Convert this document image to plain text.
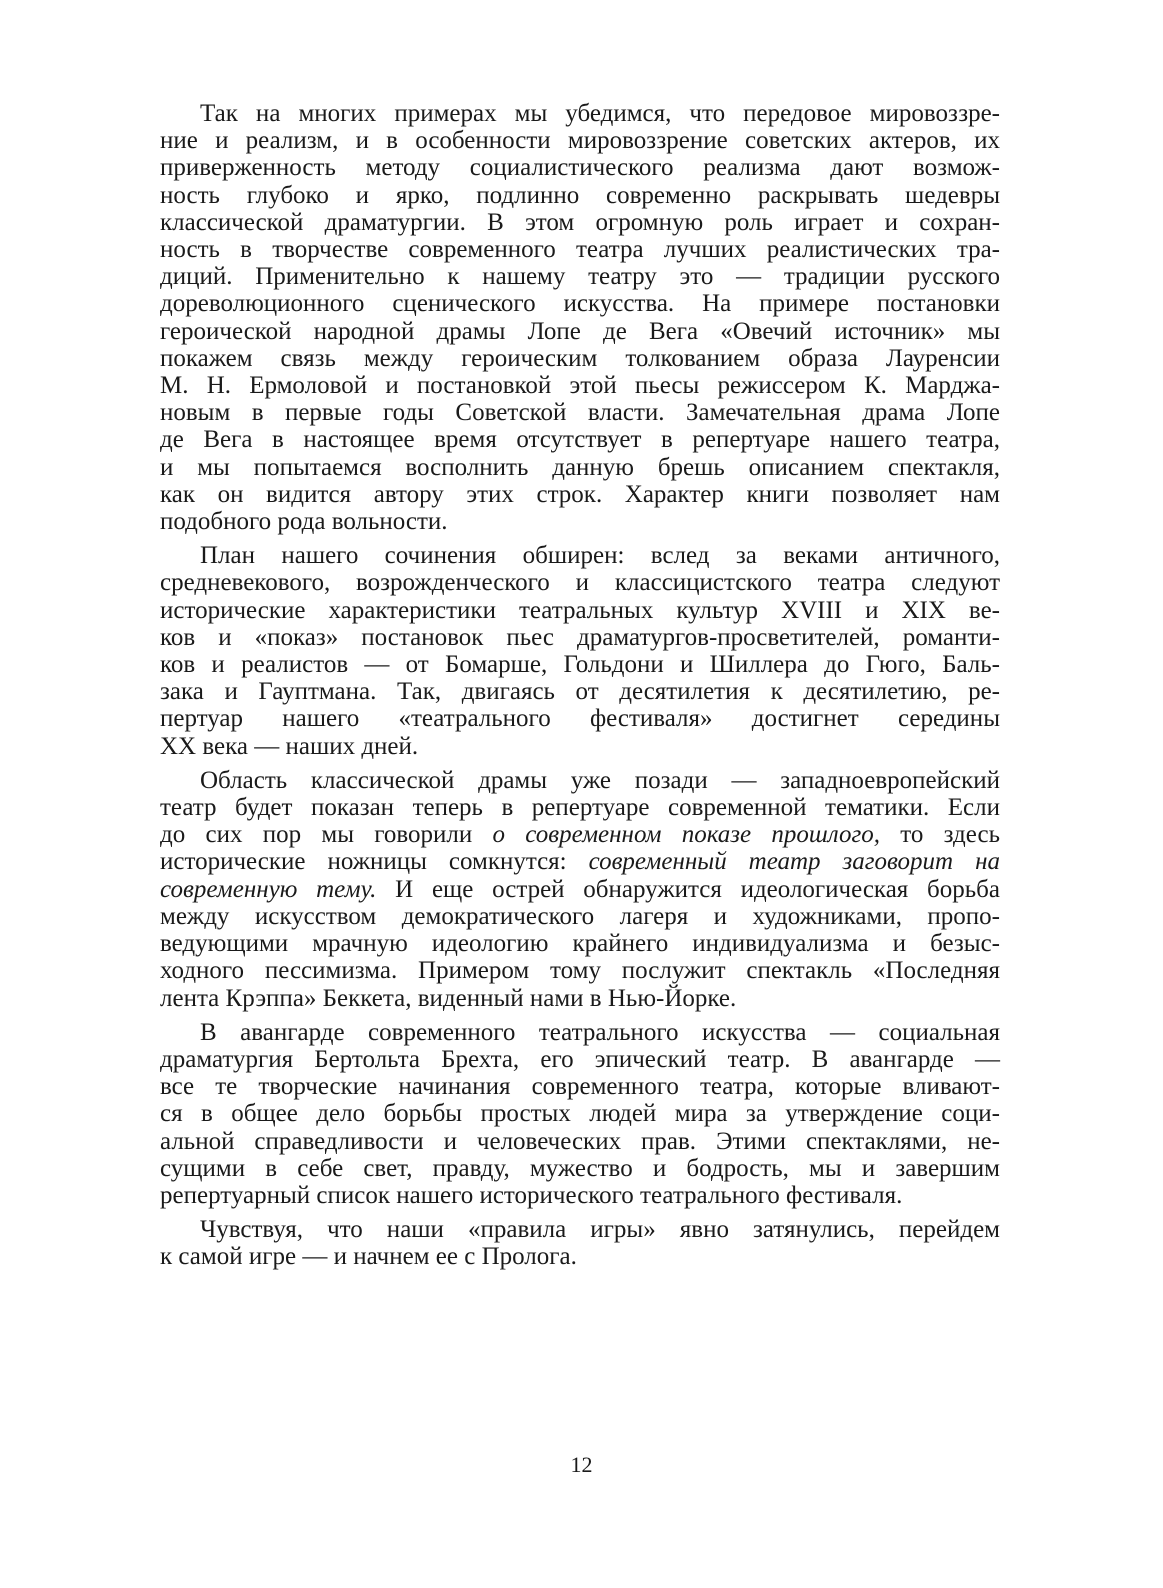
Так на многих примерах мы убедимся, что передовое мировоззре-
ние и реализм, и в особенности мировоззрение советских актеров, их
приверженность методу социалистического реализма дают возмож-
ность глубоко и ярко, подлинно современно раскрывать шедевры
классической драматургии. В этом огромную роль играет и сохран-
ность в творчестве современного театра лучших реалистических тра-
диций. Применительно к нашему театру это — традиции русского
дореволюционного сценического искусства. На примере постановки
героической народной драмы Лопе де Вега «Овечий источник» мы
покажем связь между героическим толкованием образа Лауренсии
М. Н. Ермоловой и постановкой этой пьесы режиссером К. Марджа-
новым в первые годы Советской власти. Замечательная драма Лопе
де Вега в настоящее время отсутствует в репертуаре нашего театра,
и мы попытаемся восполнить данную брешь описанием спектакля,
как он видится автору этих строк. Характер книги позволяет нам
подобного рода вольности.

План нашего сочинения обширен: вслед за веками античного,
средневекового, возрожденческого и классицистского театра следуют
исторические характеристики театральных культур XVIII и XIX ве-
ков и «показ» постановок пьес драматургов-просветителей, романти-
ков и реалистов — от Бомарше, Гольдони и Шиллера до Гюго, Баль-
зака и Гауптмана. Так, двигаясь от десятилетия к десятилетию, ре-
пертуар нашего «театрального фестиваля» достигнет середины
XX века — наших дней.

Область классической драмы уже позади — западноевропейский
театр будет показан теперь в репертуаре современной тематики. Если
до сих пор мы говорили о современном показе прошлого, то здесь
исторические ножницы сомкнутся: современный театр заговорит на
современную тему. И еще острей обнаружится идеологическая борьба
между искусством демократического лагеря и художниками, пропо-
ведующими мрачную идеологию крайнего индивидуализма и безыс-
ходного пессимизма. Примером тому послужит спектакль «Последняя
лента Крэппа» Беккета, виденный нами в Нью-Йорке.

В авангарде современного театрального искусства — социальная
драматургия Бертольта Брехта, его эпический театр. В авангарде —
все те творческие начинания современного театра, которые вливают-
ся в общее дело борьбы простых людей мира за утверждение соци-
альной справедливости и человеческих прав. Этими спектаклями, не-
сущими в себе свет, правду, мужество и бодрость, мы и завершим
репертуарный список нашего исторического театрального фестиваля.

Чувствуя, что наши «правила игры» явно затянулись, перейдем
к самой игре — и начнем ее с Пролога.

12
